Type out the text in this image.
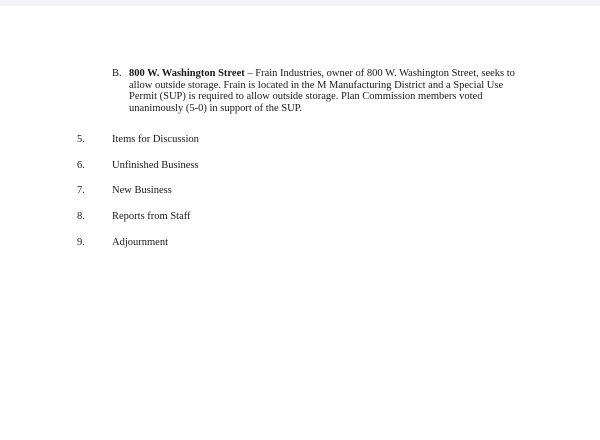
B. 800 W. Washington Street – Frain Industries, owner of 800 W. Washington Street, seeks to allow outside storage. Frain is located in the M Manufacturing District and a Special Use Permit (SUP) is required to allow outside storage. Plan Commission members voted unanimously (5-0) in support of the SUP.
5.	Items for Discussion
6.	Unfinished Business
7.	New Business
8.	Reports from Staff
9.	Adjournment
